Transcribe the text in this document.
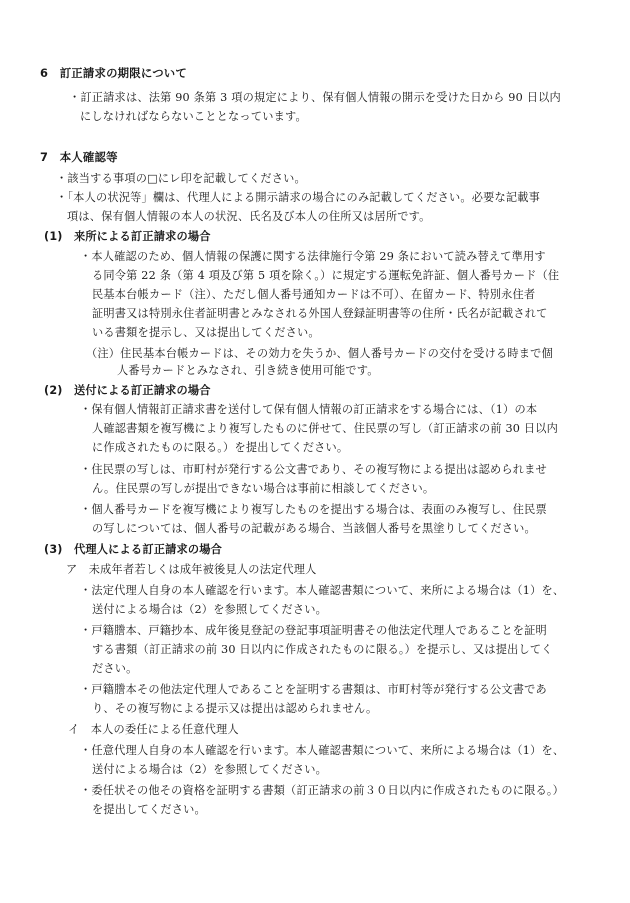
6　訂正請求の期限について
・訂正請求は、法第 90 条第 3 項の規定により、保有個人情報の開示を受けた日から 90 日以内
にしなければならないこととなっています。
7　本人確認等
・該当する事項の□にレ印を記載してください。
・「本人の状況等」欄は、代理人による開示請求の場合にのみ記載してください。必要な記載事
項は、保有個人情報の本人の状況、氏名及び本人の住所又は居所です。
(1)　来所による訂正請求の場合
・本人確認のため、個人情報の保護に関する法律施行令第 29 条において読み替えて準用す
る同令第 22 条（第 4 項及び第 5 項を除く。）に規定する運転免許証、個人番号カード（住
民基本台帳カード（注）、ただし個人番号通知カードは不可）、在留カード、特別永住者
証明書又は特別永住者証明書とみなされる外国人登録証明書等の住所・氏名が記載されて
いる書類を提示し、又は提出してください。
（注）住民基本台帳カードは、その効力を失うか、個人番号カードの交付を受ける時まで個
人番号カードとみなされ、引き続き使用可能です。
(2)　送付による訂正請求の場合
・保有個人情報訂正請求書を送付して保有個人情報の訂正請求をする場合には、（1）の本
人確認書類を複写機により複写したものに併せて、住民票の写し（訂正請求の前 30 日以内
に作成されたものに限る。）を提出してください。
・住民票の写しは、市町村が発行する公文書であり、その複写物による提出は認められませ
ん。住民票の写しが提出できない場合は事前に相談してください。
・個人番号カードを複写機により複写したものを提出する場合は、表面のみ複写し、住民票
の写しについては、個人番号の記載がある場合、当該個人番号を黒塗りしてください。
(3)　代理人による訂正請求の場合
ア　未成年者若しくは成年被後見人の法定代理人
・法定代理人自身の本人確認を行います。本人確認書類について、来所による場合は（1）を、
送付による場合は（2）を参照してください。
・戸籍謄本、戸籍抄本、成年後見登記の登記事項証明書その他法定代理人であることを証明
する書類（訂正請求の前 30 日以内に作成されたものに限る。）を提示し、又は提出してく
ださい。
・戸籍謄本その他法定代理人であることを証明する書類は、市町村等が発行する公文書であ
り、その複写物による提示又は提出は認められません。
イ　本人の委任による任意代理人
・任意代理人自身の本人確認を行います。本人確認書類について、来所による場合は（1）を、
送付による場合は（2）を参照してください。
・委任状その他その資格を証明する書類（訂正請求の前３０日以内に作成されたものに限る。）
を提出してください。
